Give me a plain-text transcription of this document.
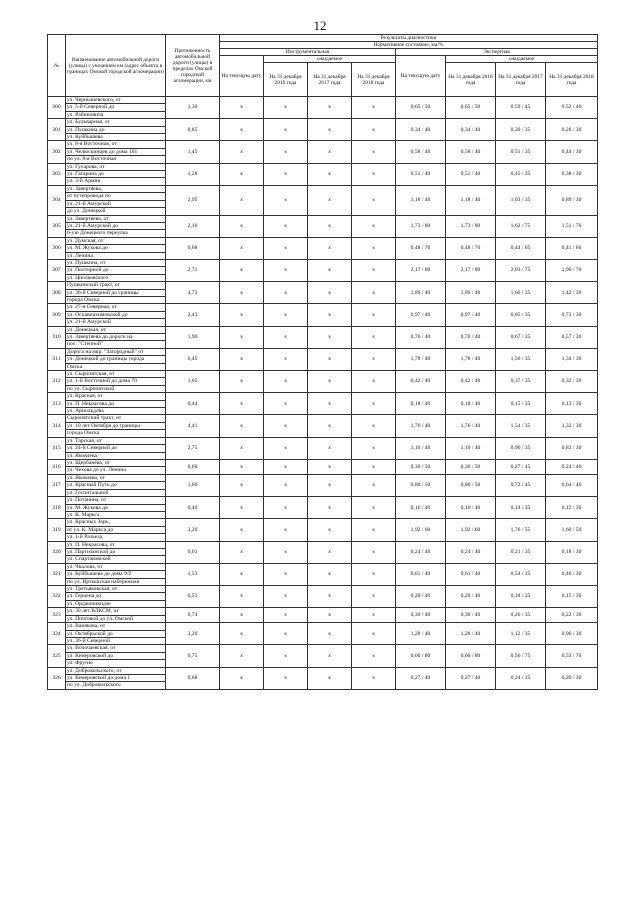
12
№	Наименование автомобильной дороги (улицы) с указанием км (адрес объекта в границах Омской городской агломерации)	Протяженность автомобильной дороги (улицы) в пределах Омской городской агломерации, км	Результаты диагностики							
			Нормативное состояние, км/%							
			Инструментальная				Экспертная			
			На текущую дату	ожидаемое			На текущую дату	ожидаемое		
				На 31 декабря 2016 года	На 31 декабря 2017 года	На 31 декабря 2018 года		На 31 декабря 2016 года	На 31 декабря 2017 года	На 31 декабря 2018 года
300	ул. Чернышевского, от
ул. 5-й Северной до
ул. Рабиновича	1,30	x	x	x	x	0,65 / 50	0,65 / 50	0,59 / 45	0,52 / 40
301	ул. Бульварная, от
ул. Пушкина до
ул. Куйбышева	0,85	x	x	x	x	0,34 / 40	0,34 / 40	0,30 / 35	0,26 / 30
302	ул. 8-я Восточная, от
ул. Челюскинцев до дома 101
по ул. 8-я Восточная	1,45	x	x	x	x	0,58 / 40	0,58 / 40	0,51 / 35	0,44 / 30
303	ул. Гусарова, от
ул. Гагарина до
ул. 3-й Армии	1,28	x	x	x	x	0,51 / 40	0,51 / 40	0,45 / 35	0,38 / 30
304	ул. Завертяева,
от путепровода по
ул. 21-й Амурской
до ул. Донецкой	2,95	x	x	x	x	1,18 / 40	1,18 / 40	1,03 / 35	0,89 / 30
305	ул. Завертяева, от
ул. 21-й Амурской до
6-ую Донецкого переулка	2,16	x	x	x	x	1,73 / 80	1,73 / 80	1,62 / 75	1,51 / 70
306	ул. Думская, от
ул. М. Жукова до
ул. Ленина	0,68	x	x	x	x	0,48 / 70	0,48 / 70	0,44 / 65	0,41 / 60
307	ул. Пушкина, от
ул. Полторной до
ул. Циолковского	2,71	x	x	x	x	2,17 / 80	2,17 / 80	2,03 / 75	1,90 / 70
308	Пушкинский тракт, от
ул. 36-й Северной до границы
города Омска	4,73	x	x	x	x	1,89 / 40	1,89 / 40	1,66 / 35	1,42 / 30
309	ул. 27-я Северная, от
ул. Осоавиахимовской до
ул. 21-й Амурской	2,43	x	x	x	x	0,97 / 40	0,97 / 40	0,85 / 35	0,73 / 30
310	ул. Донецкая, от
ул. Завертяева до дороги на
пос. "Степной"	1,90	x	x	x	x	0,76 / 40	0,76 / 40	0,67 / 35	0,57 / 30
311	Дорога на мкр. "Загородный" от
ул. Донецкой до границы города
Омска	6,45	x	x	x	x	1,78 / 40	1,78 / 40	1,56 / 35	1,34 / 30
312	ул. Сыропятская, от
ул. 1-й Восточной до дома 70
по ул. Сыропятской	1,05	x	x	x	x	0,42 / 40	0,42 / 40	0,37 / 35	0,32 / 30
313	ул. Красная, от
ул. П. Некрасова до
ул. Арнольдова	0,44	x	x	x	x	0,18 / 40	0,18 / 40	0,15 / 35	0,13 / 30
314	Сыропятский тракт, от
ул. 10 лет Октября до границы
города Омска	4,41	x	x	x	x	1,76 / 40	1,76 / 40	1,54 / 35	1,32 / 30
315	ул. Тарская, от
ул. 24-й Северной до
ул. Яковлева	2,75	x	x	x	x	1,10 / 40	1,10 / 40	0,96 / 35	0,83 / 30
316	ул. Щербанёва, от
ул. Чехова до ул. Ленина	0,60	x	x	x	x	0,30 / 50	0,30 / 50	0,27 / 45	0,24 / 40
317	ул. Яковлева, от
ул. Красный Путь до
ул. Госпитальной	1,60	x	x	x	x	0,80 / 50	0,80 / 50	0,72 / 45	0,64 / 40
318	ул. Потанина, от
ул. М. Жукова до
ул. К. Маркса	0,40	x	x	x	x	0,16 / 40	0,16 / 40	0,14 / 35	0,12 / 30
319	ул. Красных Зорь,
от ул. К. Маркса до
ул. 1-й Разъезд	3,20	x	x	x	x	1,92 / 60	1,92 / 60	1,76 / 55	1,60 / 50
320	ул. П. Некрасова, от
ул. Партизанской до
ул. Спартаковской	0,61	x	x	x	x	0,24 / 40	0,24 / 40	0,21 / 35	0,18 / 30
321	ул. Чкалова, от
ул. Куйбышева до дома 9/2
по ул. Иртышская набережная	1,53	x	x	x	x	0,61 / 40	0,61 / 40	0,54 / 35	0,46 / 30
322	ул. Третьяковская, от
ул. Герцена до
ул. Орджоникидзе	0,51	x	x	x	x	0,20 / 40	0,20 / 40	0,18 / 35	0,15 / 30
323	ул. 30 лет ВЛКСМ, от
ул. Почтовой до ул. Омской	0,74	x	x	x	x	0,30 / 40	0,30 / 40	0,26 / 35	0,22 / 30
324	ул. Ванякова, от
ул. Октябрьской до
ул. 36-й Северной	3,20	x	x	x	x	1,28 / 40	1,28 / 40	1,12 / 35	0,96 / 30
325	ул. Волочаевская, от
ул. Кемеровской до
ул. Фрунзе	0,75	x	x	x	x	0,60 / 80	0,60 / 80	0,56 / 75	0,53 / 70
326	ул. Добровольского, от
ул. Кемеровской до дома 1
по ул. Добровольского	0,68	x	x	x	x	0,27 / 40	0,27 / 40	0,24 / 35	0,20 / 30
